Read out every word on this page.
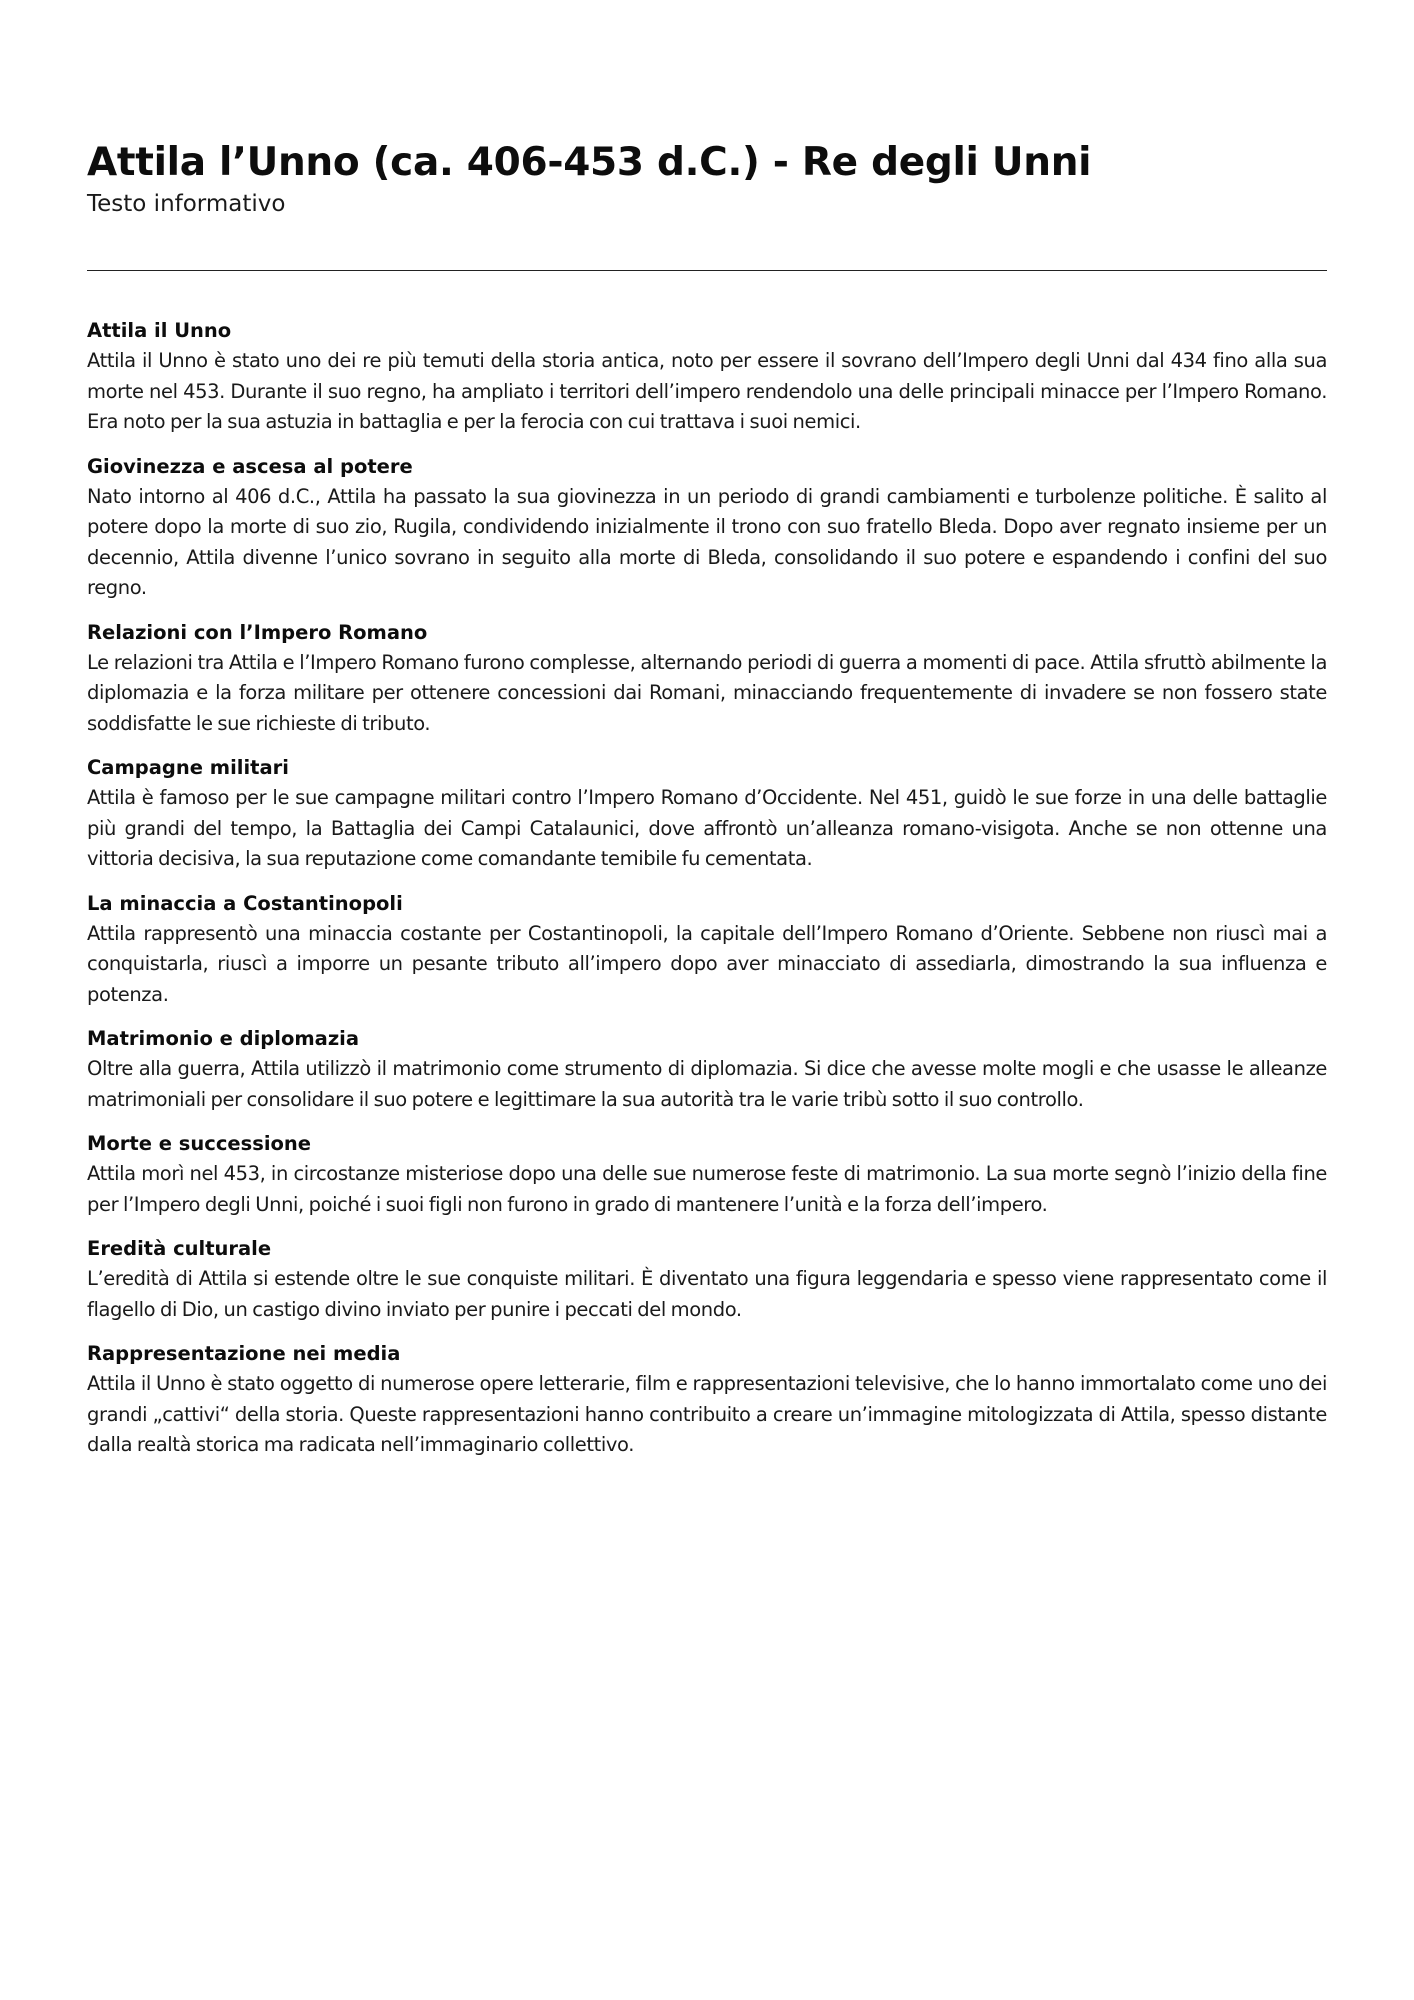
Attila l’Unno (ca. 406-453 d.C.) - Re degli Unni
Testo informativo
Attila il Unno

Attila il Unno è stato uno dei re più temuti della storia antica, noto per essere il sovrano dell’Impero degli Unni dal 434 fino alla sua morte nel 453. Durante il suo regno, ha ampliato i territori dell’impero rendendolo una delle principali minacce per l’Impero Romano. Era noto per la sua astuzia in battaglia e per la ferocia con cui trattava i suoi nemici.

Giovinezza e ascesa al potere

Nato intorno al 406 d.C., Attila ha passato la sua giovinezza in un periodo di grandi cambiamenti e turbolenze politiche. È salito al potere dopo la morte di suo zio, Rugila, condividendo inizialmente il trono con suo fratello Bleda. Dopo aver regnato insieme per un decennio, Attila divenne l’unico sovrano in seguito alla morte di Bleda, consolidando il suo potere e espandendo i confini del suo regno.

Relazioni con l’Impero Romano

Le relazioni tra Attila e l’Impero Romano furono complesse, alternando periodi di guerra a momenti di pace. Attila sfruttò abilmente la diplomazia e la forza militare per ottenere concessioni dai Romani, minacciando frequentemente di invadere se non fossero state soddisfatte le sue richieste di tributo.

Campagne militari

Attila è famoso per le sue campagne militari contro l’Impero Romano d’Occidente. Nel 451, guidò le sue forze in una delle battaglie più grandi del tempo, la Battaglia dei Campi Catalaunici, dove affrontò un’alleanza romano-visigota. Anche se non ottenne una vittoria decisiva, la sua reputazione come comandante temibile fu cementata.

La minaccia a Costantinopoli

Attila rappresentò una minaccia costante per Costantinopoli, la capitale dell’Impero Romano d’Oriente. Sebbene non riuscì mai a conquistarla, riuscì a imporre un pesante tributo all’impero dopo aver minacciato di assediarla, dimostrando la sua influenza e potenza.

Matrimonio e diplomazia

Oltre alla guerra, Attila utilizzò il matrimonio come strumento di diplomazia. Si dice che avesse molte mogli e che usasse le alleanze matrimoniali per consolidare il suo potere e legittimare la sua autorità tra le varie tribù sotto il suo controllo.

Morte e successione

Attila morì nel 453, in circostanze misteriose dopo una delle sue numerose feste di matrimonio. La sua morte segnò l’inizio della fine per l’Impero degli Unni, poiché i suoi figli non furono in grado di mantenere l’unità e la forza dell’impero.

Eredità culturale

L’eredità di Attila si estende oltre le sue conquiste militari. È diventato una figura leggendaria e spesso viene rappresentato come il flagello di Dio, un castigo divino inviato per punire i peccati del mondo.

Rappresentazione nei media

Attila il Unno è stato oggetto di numerose opere letterarie, film e rappresentazioni televisive, che lo hanno immortalato come uno dei grandi „cattivi“ della storia. Queste rappresentazioni hanno contribuito a creare un’immagine mitologizzata di Attila, spesso distante dalla realtà storica ma radicata nell’immaginario collettivo.
